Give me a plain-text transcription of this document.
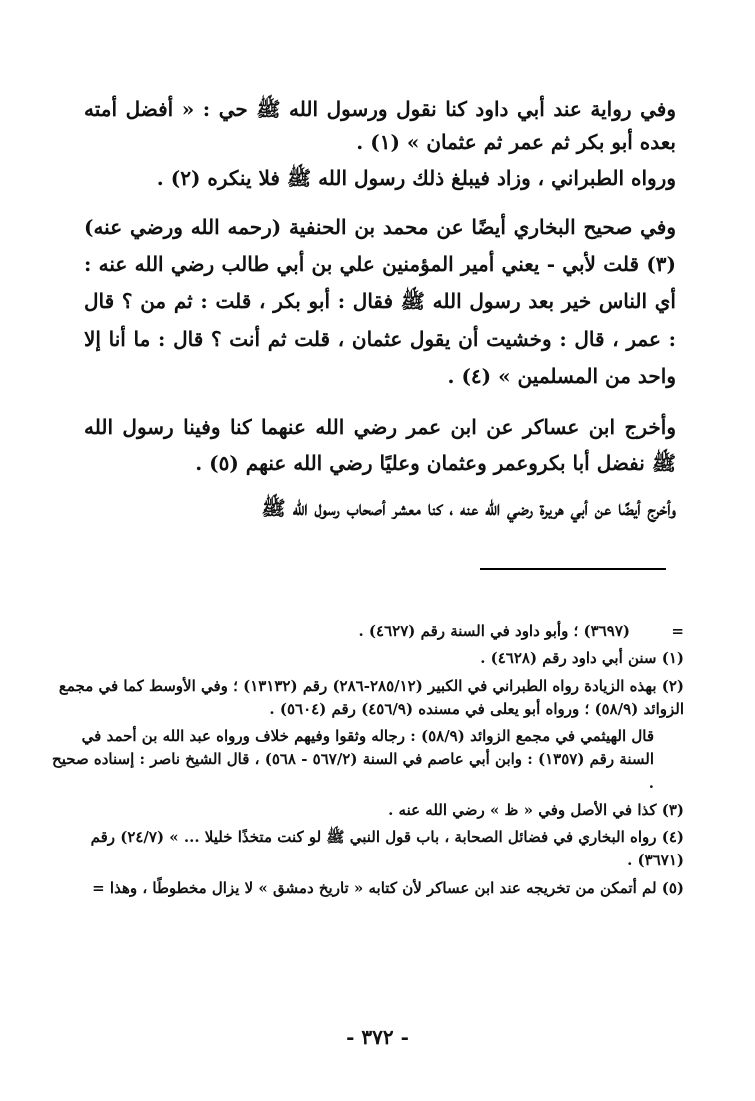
وفي رواية عند أبي داود كنا نقول ورسول الله ﷺ حي : « أفضل أمته بعده أبو بكر ثم عمر ثم عثمان » (١) .

ورواه الطبراني ، وزاد فيبلغ ذلك رسول الله ﷺ فلا ينكره (٢) .

وفي صحيح البخاري أيضًا عن محمد بن الحنفية (رحمه الله ورضي عنه) (٣) قلت لأبي - يعني أمير المؤمنين علي بن أبي طالب رضي الله عنه : أي الناس خير بعد رسول الله ﷺ فقال : أبو بكر ، قلت : ثم من ؟ قال : عمر ، قال : وخشيت أن يقول عثمان ، قلت ثم أنت ؟ قال : ما أنا إلا واحد من المسلمين » (٤) .

وأخرج ابن عساكر عن ابن عمر رضي الله عنهما كنا وفينا رسول الله ﷺ نفضل أبا بكروعمر وعثمان وعليًا رضي الله عنهم (٥) .

وأخرج أيضًا عن أبي هريرة رضي الله عنه ، كنا معشر أصحاب رسول الله ﷺ

=
(٣٦٩٧) ؛ وأبو داود في السنة رقم (٤٦٢٧) .

(١) سنن أبي داود رقم (٤٦٢٨) .

(٢) بهذه الزيادة رواه الطبراني في الكبير (٢٨٥/١٢-٢٨٦) رقم (١٣١٣٢) ؛ وفي الأوسط كما في مجمع الزوائد (٥٨/٩) ؛ ورواه أبو يعلى في مسنده (٤٥٦/٩) رقم (٥٦٠٤) .

قال الهيثمي في مجمع الزوائد (٥٨/٩) : رجاله وثقوا وفيهم خلاف ورواه عبد الله بن أحمد في السنة رقم (١٣٥٧) : وابن أبي عاصم في السنة (٥٦٧/٢ - ٥٦٨) ، قال الشيخ ناصر : إسناده صحيح .

(٣) كذا في الأصل وفي « ظ » رضي الله عنه .

(٤) رواه البخاري في فضائل الصحابة ، باب قول النبي ﷺ لو كنت متخذًا خليلا ... » (٢٤/٧) رقم (٣٦٧١) .

(٥) لم أتمكن من تخريجه عند ابن عساكر لأن كتابه « تاريخ دمشق » لا يزال مخطوطًا ، وهذا =

- ٣٧٢ -
